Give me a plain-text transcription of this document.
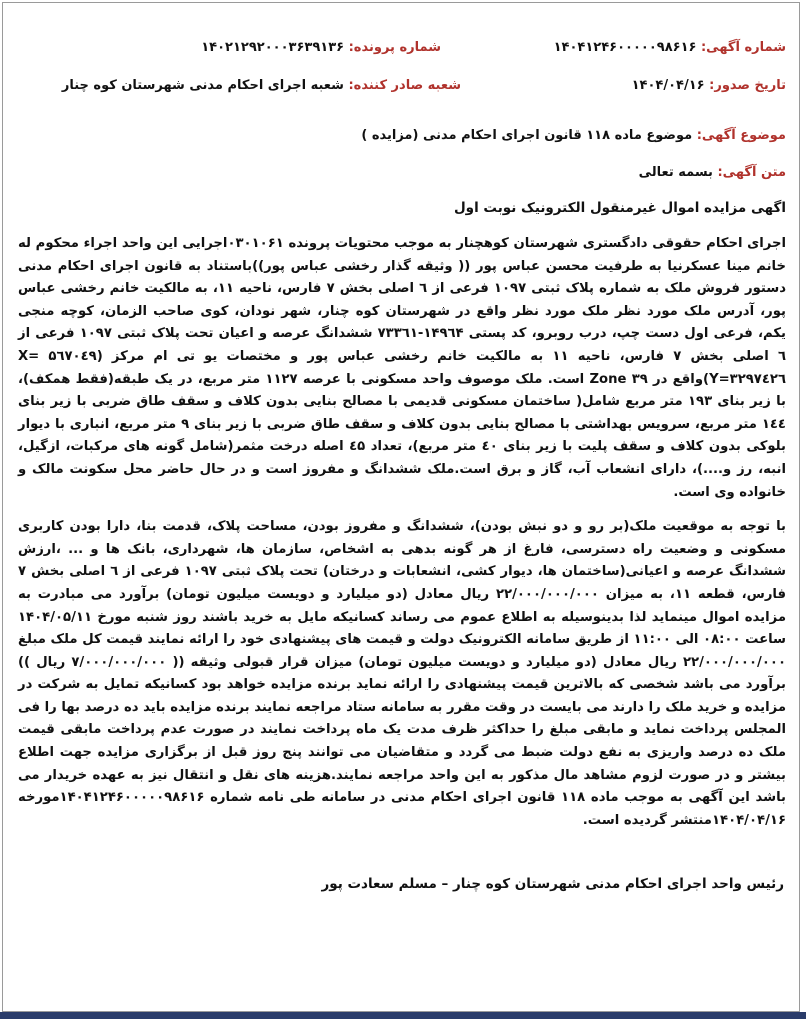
شماره آگهی: ۱۴۰۴۱۲۴۶۰۰۰۰۰۹۸۶۱۶
شماره پرونده: ۱۴۰۲۱۲۹۲۰۰۰۳۶۳۹۱۳۶
تاریخ صدور: ۱۴۰۴/۰۴/۱۶
شعبه صادر کننده: شعبه اجرای احکام مدنی شهرستان کوه چنار
موضوع آگهی: موضوع ماده ۱۱۸ قانون اجرای احکام مدنی (مزایده )
متن آگهی: بسمه تعالی
اگهی مزایده اموال غیرمنقول الکترونیک نوبت اول

اجرای احکام حقوقی دادگستری شهرستان کوهچنار به موجب محتویات پرونده ۰۳۰۱۰۶۱اجرایی این واحد اجراء محکوم له خانم مینا عسکرنیا به طرفیت محسن عباس پور (( وثیقه گذار رخشی عباس پور))باستناد به قانون اجرای احکام مدنی دستور فروش ملک به شماره پلاک ثبتی ۱۰۹۷ فرعی از ٦ اصلی بخش ۷ فارس، ناحیه ۱۱، به مالکیت خانم رخشی عباس پور، آدرس ملک مورد نظر ملک مورد نظر واقع در شهرستان کوه چنار، شهر نودان، کوی صاحب الزمان، کوچه منجی یکم، فرعی اول دست چپ، درب روبرو، کد پستی ۱۴۹٦۴-۷۳۳٦۱ ششدانگ عرصه و اعیان تحت پلاک ثبتی ۱۰۹۷ فرعی از ٦ اصلی بخش ۷ فارس، ناحیه ۱۱ به مالکیت خانم رخشی عباس پور و مختصات یو تی ام مرکز (X= ۵٦۷۰٤۹ Y=۳۲۹۷٤۲٦)واقع در ۳۹ Zone است. ملک موصوف واحد مسکونی با عرصه ۱۱۲۷ متر مربع، در یک طبقه(فقط همکف)، با زیر بنای ۱۹۳ متر مربع شامل( ساختمان مسکونی قدیمی با مصالح بنایی بدون کلاف و سقف طاق ضربی با زیر بنای ۱٤٤ متر مربع، سرویس بهداشتی با مصالح بنایی بدون کلاف و سقف طاق ضربی با زیر بنای ۹ متر مربع، انباری با دیوار بلوکی بدون کلاف و سقف پلیت با زیر بنای ٤٠ متر مربع)، تعداد ٤۵ اصله درخت مثمر(شامل گونه های مرکبات، ازگیل، انبه، رز و....)، دارای انشعاب آب، گاز و برق است.ملک ششدانگ و مفروز است و در حال حاضر محل سکونت مالک و خانواده وی است.

با توجه به موقعیت ملک(بر رو و دو نبش بودن)، ششدانگ و مفروز بودن، مساحت پلاک، قدمت بنا، دارا بودن کاربری مسکونی و وضعیت راه دسترسی، فارغ از هر گونه بدهی به اشخاص، سازمان ها، شهرداری، بانک ها و ... ،ارزش ششدانگ عرصه و اعیانی(ساختمان ها، دیوار کشی، انشعابات و درختان) تحت پلاک ثبتی ۱۰۹۷ فرعی از ٦ اصلی بخش ۷ فارس، قطعه ۱۱، به میزان ۲۲/۰۰۰/۰۰۰/۰۰۰ ریال معادل (دو میلیارد و دویست میلیون تومان) برآورد می مبادرت به مزایده اموال مینماید لذا بدینوسیله به اطلاع عموم می رساند کسانیکه مایل به خرید باشند روز شنبه مورخ ۱۴۰۴/۰۵/۱۱ ساعت ۰۸:۰۰ الی ۱۱:۰۰ از طریق سامانه الکترونیک دولت و قیمت های پیشنهادی خود را ارائه نمایند قیمت کل ملک مبلغ ۲۲/۰۰۰/۰۰۰/۰۰۰ ریال معادل (دو میلیارد و دویست میلیون تومان) میزان قرار قبولی وثیقه (( ۷/۰۰۰/۰۰۰/۰۰۰ ریال )) برآورد می باشد شخصی که بالاترین قیمت پیشنهادی را ارائه نماید برنده مزایده خواهد بود کسانیکه تمایل به شرکت در مزایده و خرید ملک را دارند می بایست در وقت مقرر به سامانه ستاد مراجعه نمایند برنده مزایده باید ده درصد بها را فی المجلس پرداخت نماید و مابقی مبلغ را حداکثر ظرف مدت یک ماه پرداخت نمایند در صورت عدم پرداخت مابقی قیمت ملک ده درصد واریزی به نفع دولت ضبط می گردد و متقاضیان می توانند پنج روز قبل از برگزاری مزایده جهت اطلاع بیشتر و در صورت لزوم مشاهد مال مذکور به این واحد مراجعه نمایند.هزینه های نقل و انتقال نیز به عهده خریدار می باشد این آگهی به موجب ماده ۱۱۸ قانون اجرای احکام مدنی در سامانه طی نامه شماره ۱۴۰۴۱۲۴۶۰۰۰۰۰۹۸۶۱۶مورخه ۱۴۰۴/۰۴/۱۶منتشر گردیده است.

رئیس واحد اجرای احکام مدنی شهرستان کوه چنار – مسلم سعادت پور
